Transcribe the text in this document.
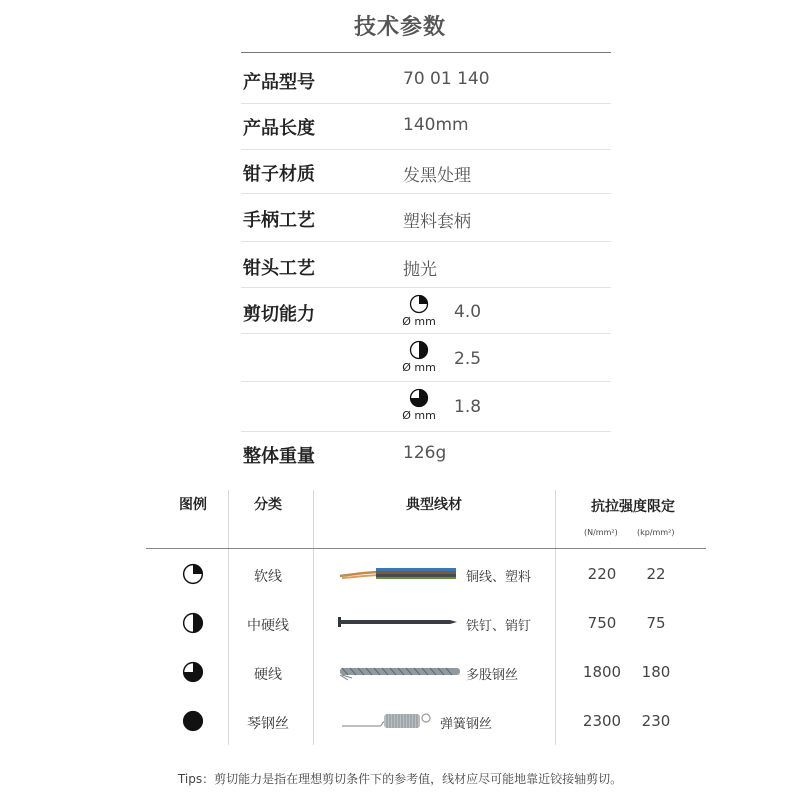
技术参数
产品型号	70 01 140
产品长度	140mm
钳子材质	发黑处理
手柄工艺	塑料套柄
钳头工艺	抛光
剪切能力	Ø mm 4.0
Ø mm 2.5
Ø mm 1.8
整体重量	126g
图例	分类	典型线材	抗拉强度限定
(N/mm²) (kp/mm²)
软线	铜线、塑料	220	22
中硬线	铁钉、销钉	750	75
硬线	多股钢丝	1800	180
琴钢丝	弹簧钢丝	2300	230
Tips：剪切能力是指在理想剪切条件下的参考值，线材应尽可能地靠近铰接轴剪切。
